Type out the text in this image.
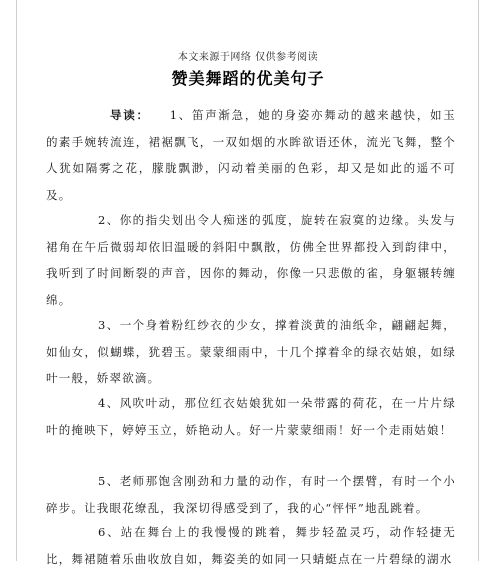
本文来源于网络 仅供参考阅读
赞美舞蹈的优美句子

导读： 1、笛声渐急，她的身姿亦舞动的越来越快，如玉的素手婉转流连，裙裾飘飞，一双如烟的水眸欲语还休，流光飞舞，整个人犹如隔雾之花，朦胧飘渺，闪动着美丽的色彩，却又是如此的遥不可及。

2、你的指尖划出令人痴迷的弧度，旋转在寂寞的边缘。头发与裙角在午后微弱却依旧温暖的斜阳中飘散，仿佛全世界都投入到韵律中，我听到了时间断裂的声音，因你的舞动，你像一只悲傲的雀，身躯辗转缠绵。

3、一个身着粉红纱衣的少女，撑着淡黄的油纸伞，翩翩起舞，如仙女，似蝴蝶，犹碧玉。蒙蒙细雨中，十几个撑着伞的绿衣姑娘，如绿叶一般，娇翠欲滴。

4、风吹叶动，那位红衣姑娘犹如一朵带露的荷花，在一片片绿叶的掩映下，婷婷玉立，娇艳动人。好一片蒙蒙细雨！好一个走雨姑娘！

5、老师那饱含刚劲和力量的动作，有时一个摆臂，有时一个小碎步。让我眼花缭乱，我深切得感受到了，我的心“怦怦”地乱跳着。

6、站在舞台上的我慢慢的跳着，舞步轻盈灵巧，动作轻捷无比，舞裙随着乐曲收放自如，舞姿美的如同一只蜻蜓点在一片碧绿的湖水
